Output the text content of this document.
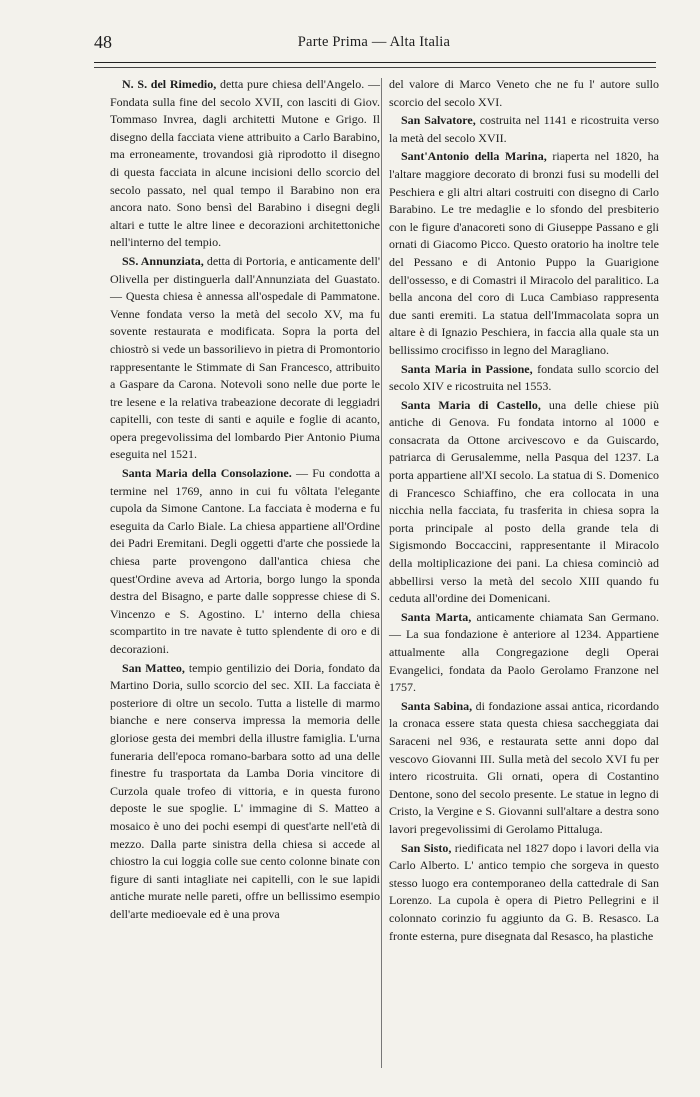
48	Parte Prima — Alta Italia

N. S. del Rimedio, detta pure chiesa dell'Angelo. — Fondata sulla fine del secolo XVII, con lasciti di Giov. Tommaso Invrea, dagli architetti Mutone e Grigo. Il disegno della facciata viene attribuito a Carlo Barabino, ma erroneamente, trovandosi già riprodotto il disegno di questa facciata in alcune incisioni dello scorcio del secolo passato, nel qual tempo il Barabino non era ancora nato. Sono bensì del Barabino i disegni degli altari e tutte le altre linee e decorazioni architettoniche nell'interno del tempio.

SS. Annunziata, detta di Portoria, e anticamente dell' Olivella per distinguerla dall'Annunziata del Guastato. — Questa chiesa è annessa all'ospedale di Pammatone. Venne fondata verso la metà del secolo XV, ma fu sovente restaurata e modificata. Sopra la porta del chiostrò si vede un bassorilievo in pietra di Promontorio rappresentante le Stimmate di San Francesco, attribuito a Gaspare da Carona. Notevoli sono nelle due porte le tre lesene e la relativa trabeazione decorate di leggiadri capitelli, con teste di santi e aquile e foglie di acanto, opera pregevolissima del lombardo Pier Antonio Piuma eseguita nel 1521.

Santa Maria della Consolazione. — Fu condotta a termine nel 1769, anno in cui fu vôltata l'elegante cupola da Simone Cantone. La facciata è moderna e fu eseguita da Carlo Biale. La chiesa appartiene all'Ordine dei Padri Eremitani. Degli oggetti d'arte che possiede la chiesa parte provengono dall'antica chiesa che quest'Ordine aveva ad Artoria, borgo lungo la sponda destra del Bisagno, e parte dalle soppresse chiese di S. Vincenzo e S. Agostino. L' interno della chiesa scompartito in tre navate è tutto splendente di oro e di decorazioni.

San Matteo, tempio gentilizio dei Doria, fondato da Martino Doria, sullo scorcio del sec. XII. La facciata è posteriore di oltre un secolo. Tutta a listelle di marmo bianche e nere conserva impressa la memoria delle gloriose gesta dei membri della illustre famiglia. L'urna funeraria dell'epoca romano-barbara sotto ad una delle finestre fu trasportata da Lamba Doria vincitore di Curzola quale trofeo di vittoria, e in questa furono deposte le sue spoglie. L' immagine di S. Matteo a mosaico è uno dei pochi esempi di quest'arte nell'età di mezzo. Dalla parte sinistra della chiesa si accede al chiostro la cui loggia colle sue cento colonne binate con figure di santi intagliate nei capitelli, con le sue lapidi antiche murate nelle pareti, offre un bellissimo esempio dell'arte medioevale ed è una prova

del valore di Marco Veneto che ne fu l' autore sullo scorcio del secolo XVI.

San Salvatore, costruita nel 1141 e ricostruita verso la metà del secolo XVII.

Sant'Antonio della Marina, riaperta nel 1820, ha l'altare maggiore decorato di bronzi fusi su modelli del Peschiera e gli altri altari costruiti con disegno di Carlo Barabino. Le tre medaglie e lo sfondo del presbiterio con le figure d'anacoreti sono di Giuseppe Passano e gli ornati di Giacomo Picco. Questo oratorio ha inoltre tele del Pessano e di Antonio Puppo la Guarigione dell'ossesso, e di Comastri il Miracolo del paralitico. La bella ancona del coro di Luca Cambiaso rappresenta due santi eremiti. La statua dell'Immacolata sopra un altare è di Ignazio Peschiera, in faccia alla quale sta un bellissimo crocifisso in legno del Maragliano.

Santa Maria in Passione, fondata sullo scorcio del secolo XIV e ricostruita nel 1553.

Santa Maria di Castello, una delle chiese più antiche di Genova. Fu fondata intorno al 1000 e consacrata da Ottone arcivescovo e da Guiscardo, patriarca di Gerusalemme, nella Pasqua del 1237. La porta appartiene all'XI secolo. La statua di S. Domenico di Francesco Schiaffino, che era collocata in una nicchia nella facciata, fu trasferita in chiesa sopra la porta principale al posto della grande tela di Sigismondo Boccaccini, rappresentante il Miracolo della moltiplicazione dei pani. La chiesa cominciò ad abbellirsi verso la metà del secolo XIII quando fu ceduta all'ordine dei Domenicani.

Santa Marta, anticamente chiamata San Germano. — La sua fondazione è anteriore al 1234. Appartiene attualmente alla Congregazione degli Operai Evangelici, fondata da Paolo Gerolamo Franzone nel 1757.

Santa Sabina, di fondazione assai antica, ricordando la cronaca essere stata questa chiesa saccheggiata dai Saraceni nel 936, e restaurata sette anni dopo dal vescovo Giovanni III. Sulla metà del secolo XVI fu per intero ricostruita. Gli ornati, opera di Costantino Dentone, sono del secolo presente. Le statue in legno di Cristo, la Vergine e S. Giovanni sull'altare a destra sono lavori pregevolissimi di Gerolamo Pittaluga.

San Sisto, riedificata nel 1827 dopo i lavori della via Carlo Alberto. L' antico tempio che sorgeva in questo stesso luogo era contemporaneo della cattedrale di San Lorenzo. La cupola è opera di Pietro Pellegrini e il colonnato corinzio fu aggiunto da G. B. Resasco. La fronte esterna, pure disegnata dal Resasco, ha plastiche
